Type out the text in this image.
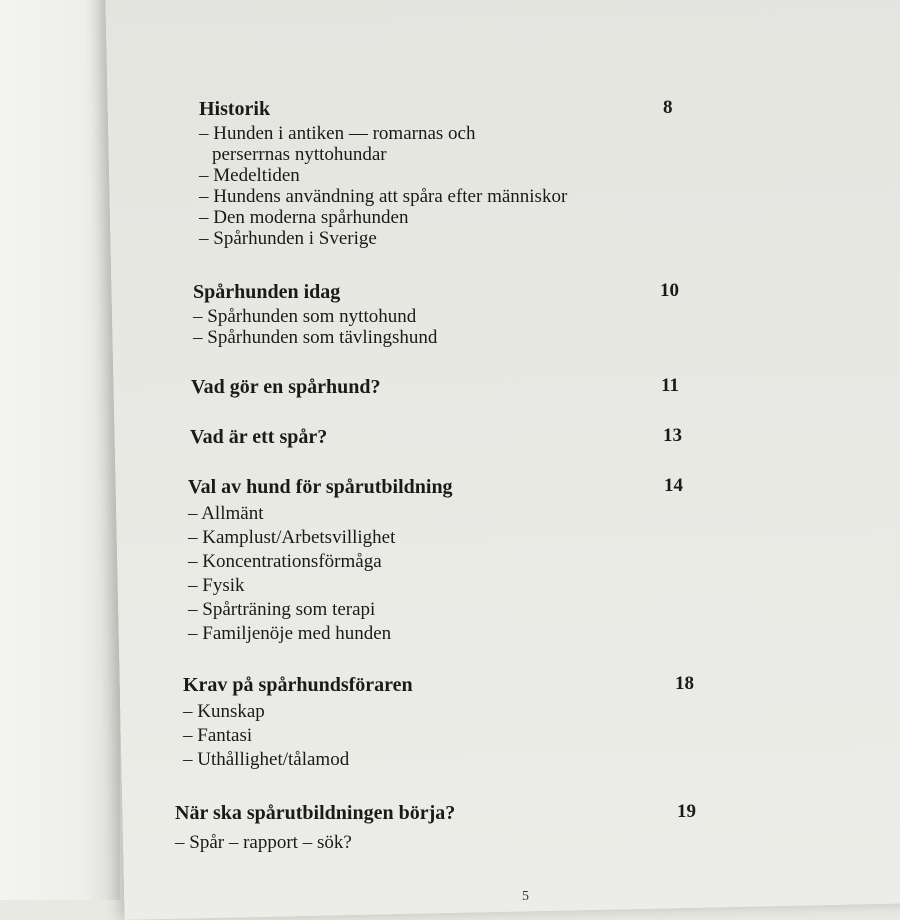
Historik	8
– Hunden i antiken — romarnas och
perserrnas nyttohundar
– Medeltiden
– Hundens användning att spåra efter människor
– Den moderna spårhunden
– Spårhunden i Sverige
Spårhunden idag	10
– Spårhunden som nyttohund
– Spårhunden som tävlingshund
Vad gör en spårhund?	11
Vad är ett spår?	13
Val av hund för spårutbildning	14
– Allmänt
– Kamplust/Arbetsvillighet
– Koncentrationsförmåga
– Fysik
– Spårträning som terapi
– Familjenöje med hunden
Krav på spårhundsföraren	18
– Kunskap
– Fantasi
– Uthållighet/tålamod
När ska spårutbildningen börja?	19
– Spår – rapport – sök?
5
